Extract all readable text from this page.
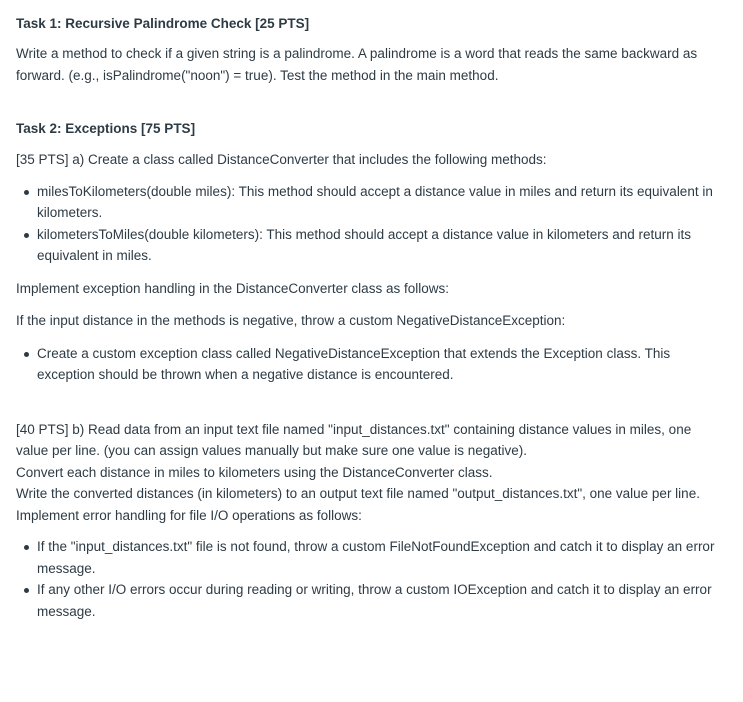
Task 1: Recursive Palindrome Check [25 PTS]

Write a method to check if a given string is a palindrome. A palindrome is a word that reads the same backward as forward. (e.g., isPalindrome("noon") = true). Test the method in the main method.

Task 2: Exceptions [75 PTS]

[35 PTS] a) Create a class called DistanceConverter that includes the following methods:

milesToKilometers(double miles): This method should accept a distance value in miles and return its equivalent in kilometers.
kilometersToMiles(double kilometers): This method should accept a distance value in kilometers and return its equivalent in miles.

Implement exception handling in the DistanceConverter class as follows:

If the input distance in the methods is negative, throw a custom NegativeDistanceException:

Create a custom exception class called NegativeDistanceException that extends the Exception class. This exception should be thrown when a negative distance is encountered.

[40 PTS] b) Read data from an input text file named "input_distances.txt" containing distance values in miles, one value per line. (you can assign values manually but make sure one value is negative).

Convert each distance in miles to kilometers using the DistanceConverter class.

Write the converted distances (in kilometers) to an output text file named "output_distances.txt", one value per line.

Implement error handling for file I/O operations as follows:

If the "input_distances.txt" file is not found, throw a custom FileNotFoundException and catch it to display an error message.
If any other I/O errors occur during reading or writing, throw a custom IOException and catch it to display an error message.
